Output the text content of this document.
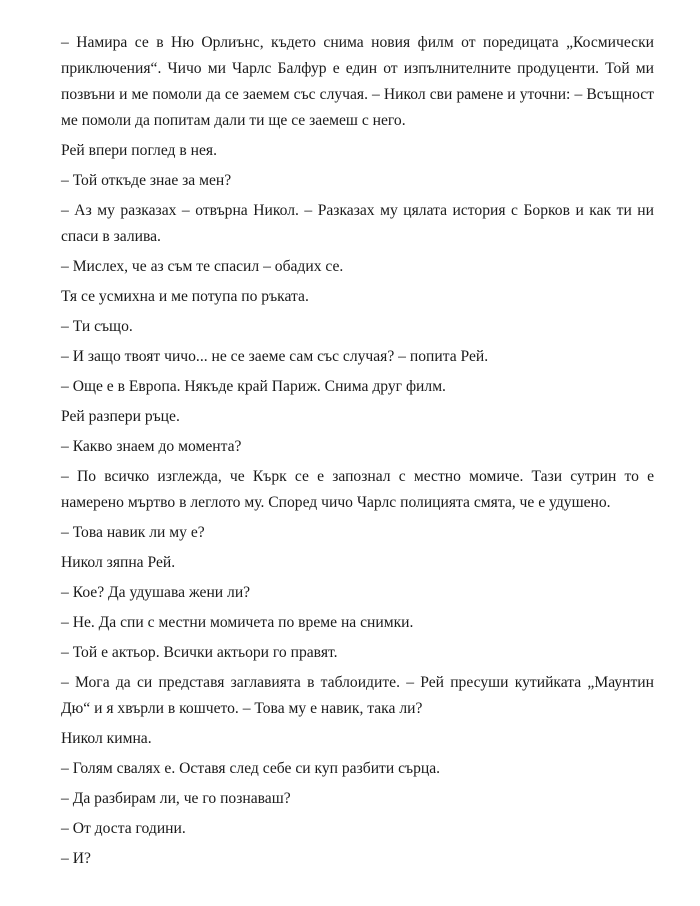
– Намира се в Ню Орлиънс, където снима новия филм от поредицата „Космически приключения“. Чичо ми Чарлс Балфур е един от изпълнителните продуценти. Той ми позвъни и ме помоли да се заемем със случая. – Никол сви рамене и уточни: – Всъщност ме помоли да попитам дали ти ще се заемеш с него.

Рей впери поглед в нея.

– Той откъде знае за мен?

– Аз му разказах – отвърна Никол. – Разказах му цялата история с Борков и как ти ни спаси в залива.

– Мислех, че аз съм те спасил – обадих се.

Тя се усмихна и ме потупа по ръката.

– Ти също.

– И защо твоят чичо... не се заеме сам със случая? – попита Рей.

– Още е в Европа. Някъде край Париж. Снима друг филм.

Рей разпери ръце.

– Какво знаем до момента?

– По всичко изглежда, че Кърк се е запознал с местно момиче. Тази сутрин то е намерено мъртво в леглото му. Според чичо Чарлс полицията смята, че е удушено.

– Това навик ли му е?

Никол зяпна Рей.

– Кое? Да удушава жени ли?

– Не. Да спи с местни момичета по време на снимки.

– Той е актьор. Всички актьори го правят.

– Мога да си представя заглавията в таблоидите. – Рей пресуши кутийката „Маунтин Дю“ и я хвърли в кошчето. – Това му е навик, така ли?

Никол кимна.

– Голям свалях е. Оставя след себе си куп разбити сърца.

– Да разбирам ли, че го познаваш?

– От доста години.

– И?
